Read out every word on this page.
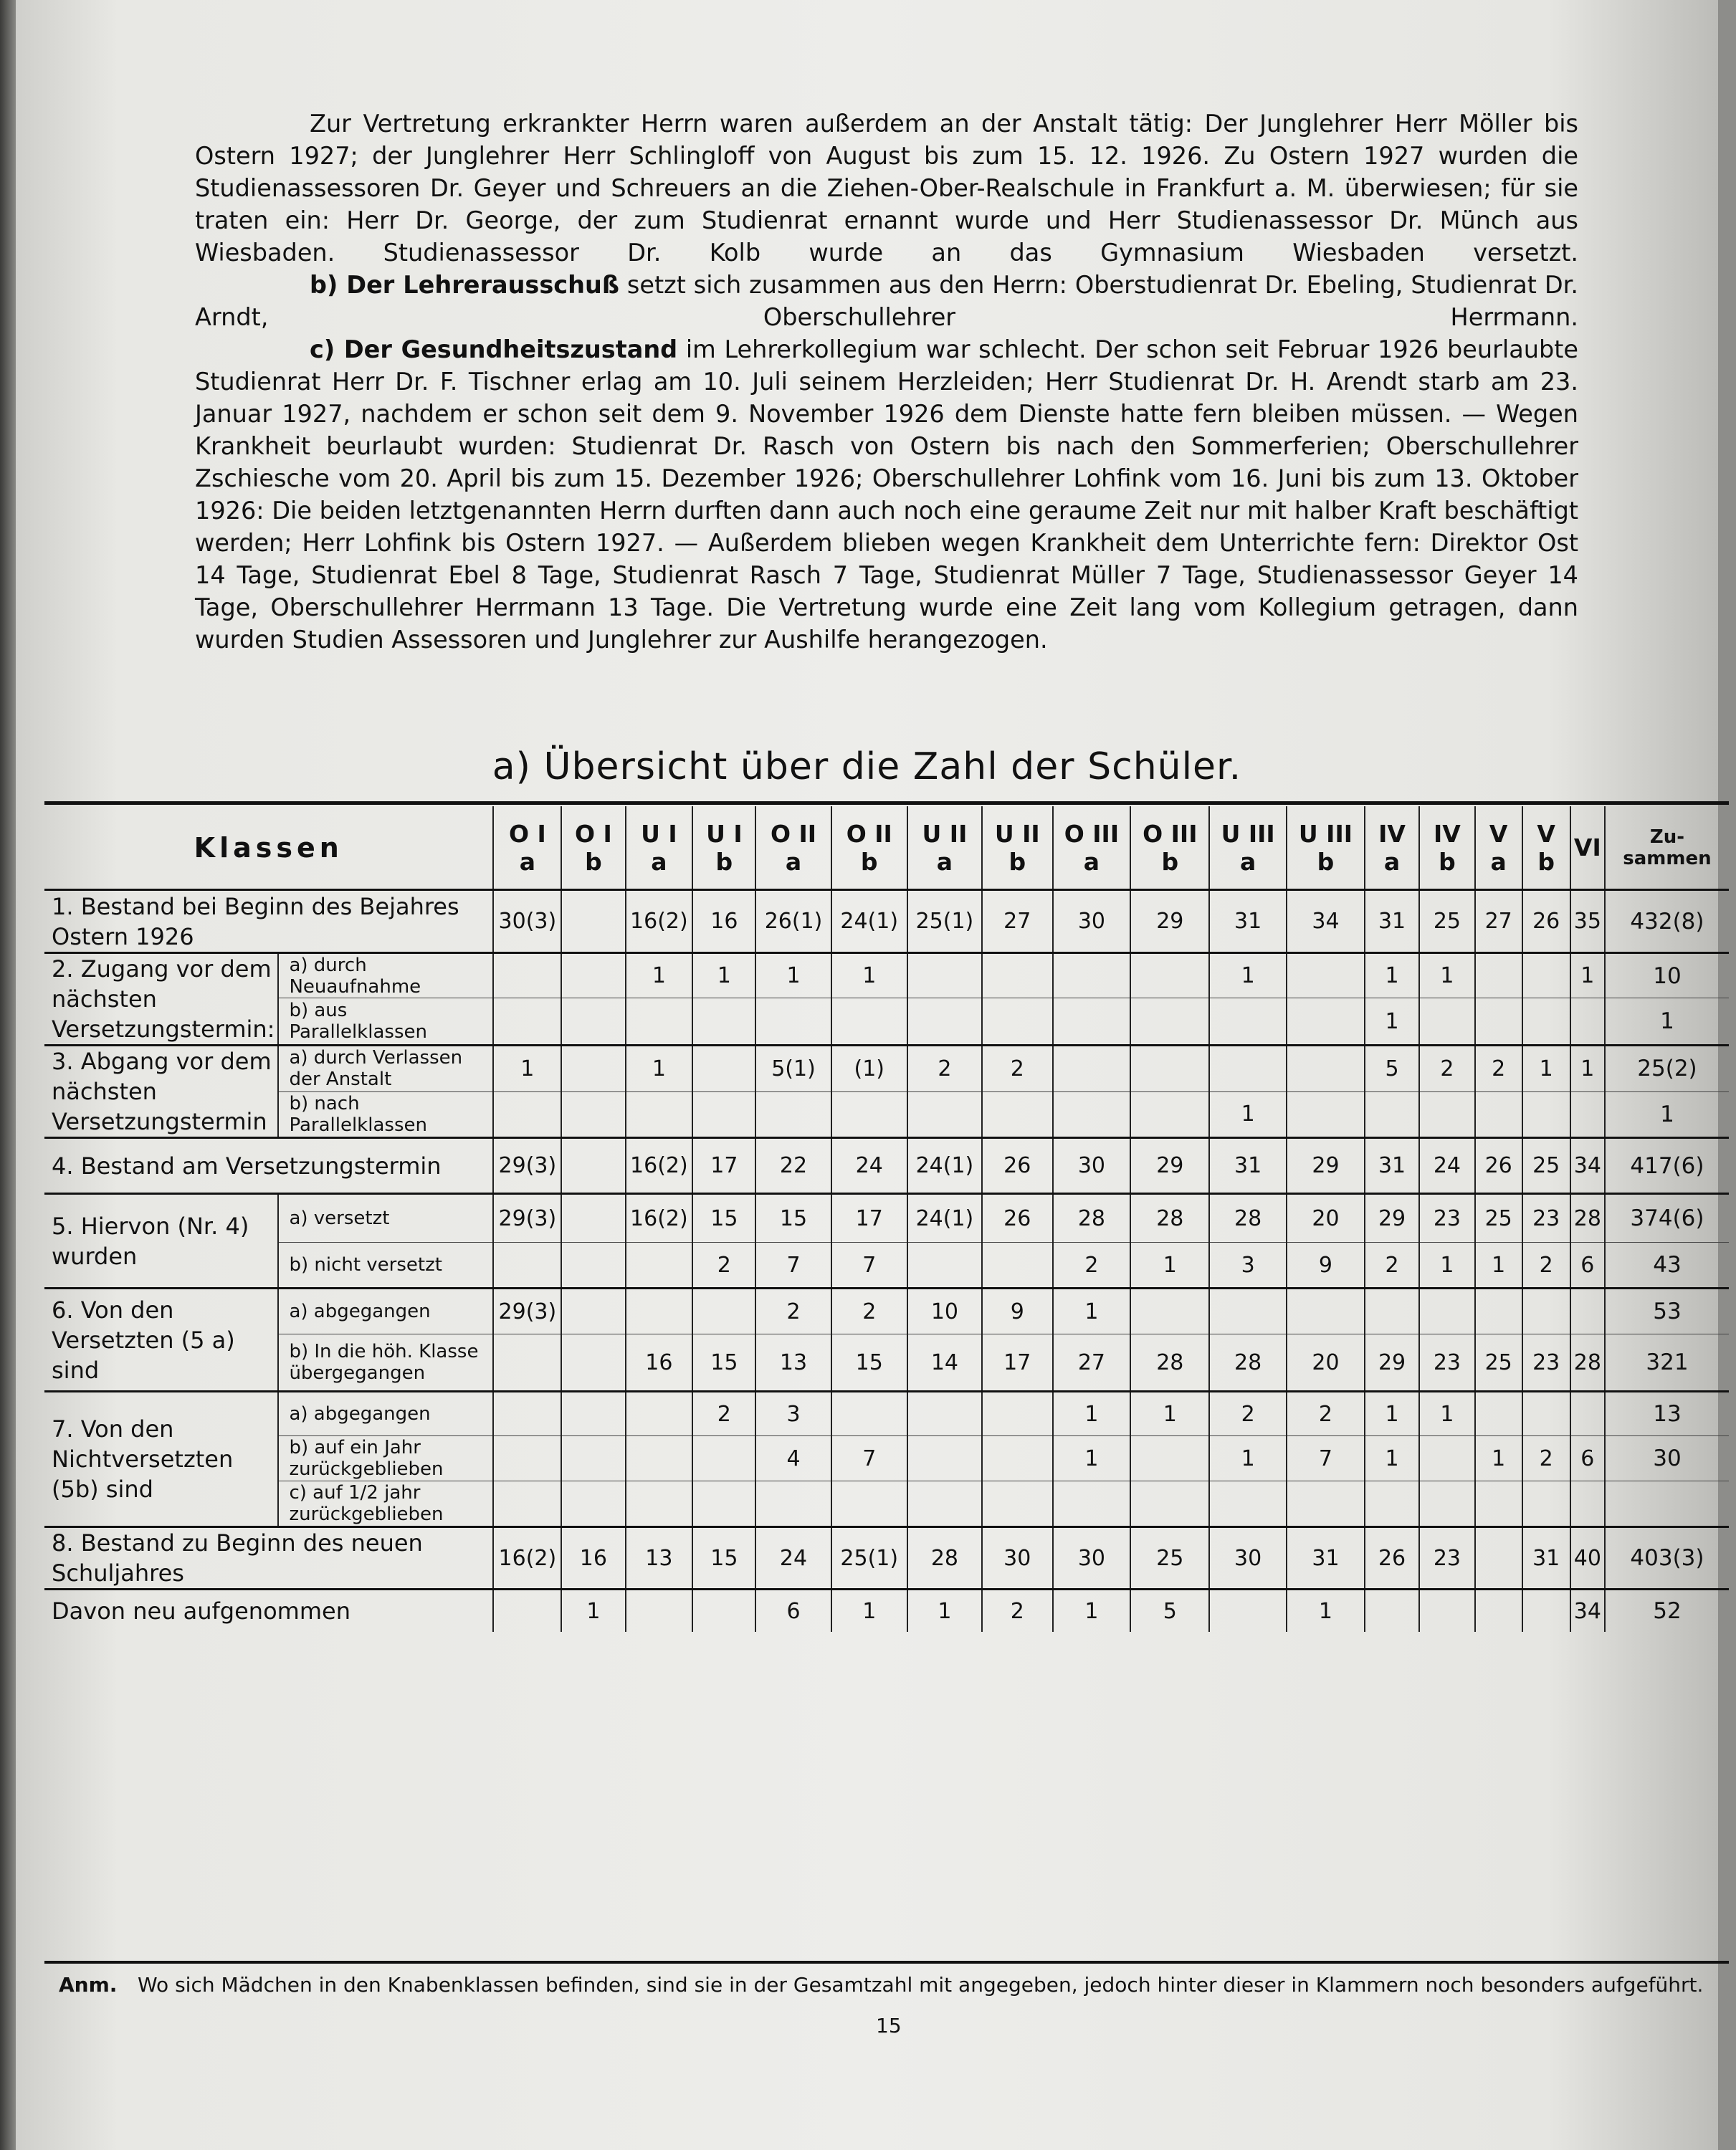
Zur Vertretung erkrankter Herrn waren außerdem an der Anstalt tätig: Der Junglehrer Herr Möller bis Ostern 1927; der Junglehrer Herr Schlingloff von August bis zum 15. 12. 1926. Zu Ostern 1927 wurden die Studienassessoren Dr. Geyer und Schreuers an die Ziehen-Ober-Realschule in Frankfurt a. M. überwiesen; für sie traten ein: Herr Dr. George, der zum Studienrat ernannt wurde und Herr Studienassessor Dr. Münch aus Wiesbaden. Studienassessor Dr. Kolb wurde an das Gymnasium Wiesbaden versetzt.

b) Der Lehrerausschuß setzt sich zusammen aus den Herrn: Oberstudienrat Dr. Ebeling, Studienrat Dr. Arndt, Oberschullehrer Herrmann.

c) Der Gesundheitszustand im Lehrerkollegium war schlecht. Der schon seit Februar 1926 beurlaubte Studienrat Herr Dr. F. Tischner erlag am 10. Juli seinem Herzleiden; Herr Studienrat Dr. H. Arendt starb am 23. Januar 1927, nachdem er schon seit dem 9. November 1926 dem Dienste hatte fern bleiben müssen. — Wegen Krankheit beurlaubt wurden: Studienrat Dr. Rasch von Ostern bis nach den Sommerferien; Oberschullehrer Zschiesche vom 20. April bis zum 15. Dezember 1926; Oberschullehrer Lohfink vom 16. Juni bis zum 13. Oktober 1926: Die beiden letztgenannten Herrn durften dann auch noch eine geraume Zeit nur mit halber Kraft beschäftigt werden; Herr Lohfink bis Ostern 1927. — Außerdem blieben wegen Krankheit dem Unterrichte fern: Direktor Ost 14 Tage, Studienrat Ebel 8 Tage, Studienrat Rasch 7 Tage, Studienrat Müller 7 Tage, Studienassessor Geyer 14 Tage, Oberschullehrer Herrmann 13 Tage. Die Vertretung wurde eine Zeit lang vom Kollegium getragen, dann wurden Studien Assessoren und Junglehrer zur Aushilfe herangezogen.

a) Übersicht über die Zahl der Schüler.
Klassen		O I a	O I b	U I a	U I b	O II a	O II b	U II a	U II b	O III a	O III b	U III a	U III b	IV a	IV b	V a	V b	VI	Zu-sammen
1. Bestand bei Beginn des Bejahres Ostern 1926		30(3)		16(2)	16	26(1)	24(1)	25(1)	27	30	29	31	34	31	25	27	26	35	432(8)
2. Zugang vor dem nächsten Versetzungstermin:	a) durch Neuaufnahme			1	1	1	1					1		1	1			1	10
	b) aus Parallelklassen													1					1
3. Abgang vor dem nächsten Versetzungstermin	a) durch Verlassen der Anstalt	1		1		5(1)	(1)	2	2					5	2	2	1	1	25(2)
	b) nach Parallelklassen											1							1
4. Bestand am Versetzungstermin		29(3)		16(2)	17	22	24	24(1)	26	30	29	31	29	31	24	26	25	34	417(6)
5. Hiervon (Nr. 4) wurden	a) versetzt	29(3)		16(2)	15	15	17	24(1)	26	28	28	28	20	29	23	25	23	28	374(6)
	b) nicht versetzt				2	7	7			2	1	3	9	2	1	1	2	6	43
6. Von den Versetzten (5 a) sind	a) abgegangen	29(3)				2	2	10	9	1									53
	b) In die höh. Klasse übergegangen			16	15	13	15	14	17	27	28	28	20	29	23	25	23	28	321
7. Von den Nichtversetzten (5b) sind	a) abgegangen				2	3				1	1	2	2	1	1				13
	b) auf ein Jahr zurückgeblieben					4	7			1		1	7	1		1	2	6	30
	c) auf 1/2 jahr zurückgeblieben																		
8. Bestand zu Beginn des neuen Schuljahres		16(2)	16	13	15	24	25(1)	28	30	30	25	30	31	26	23		31	40	403(3)
Davon neu aufgenommen			1			6	1	1	2	1	5		1					34	52
Anm. Wo sich Mädchen in den Knabenklassen befinden, sind sie in der Gesamtzahl mit angegeben, jedoch hinter dieser in Klammern noch besonders aufgeführt.
15
